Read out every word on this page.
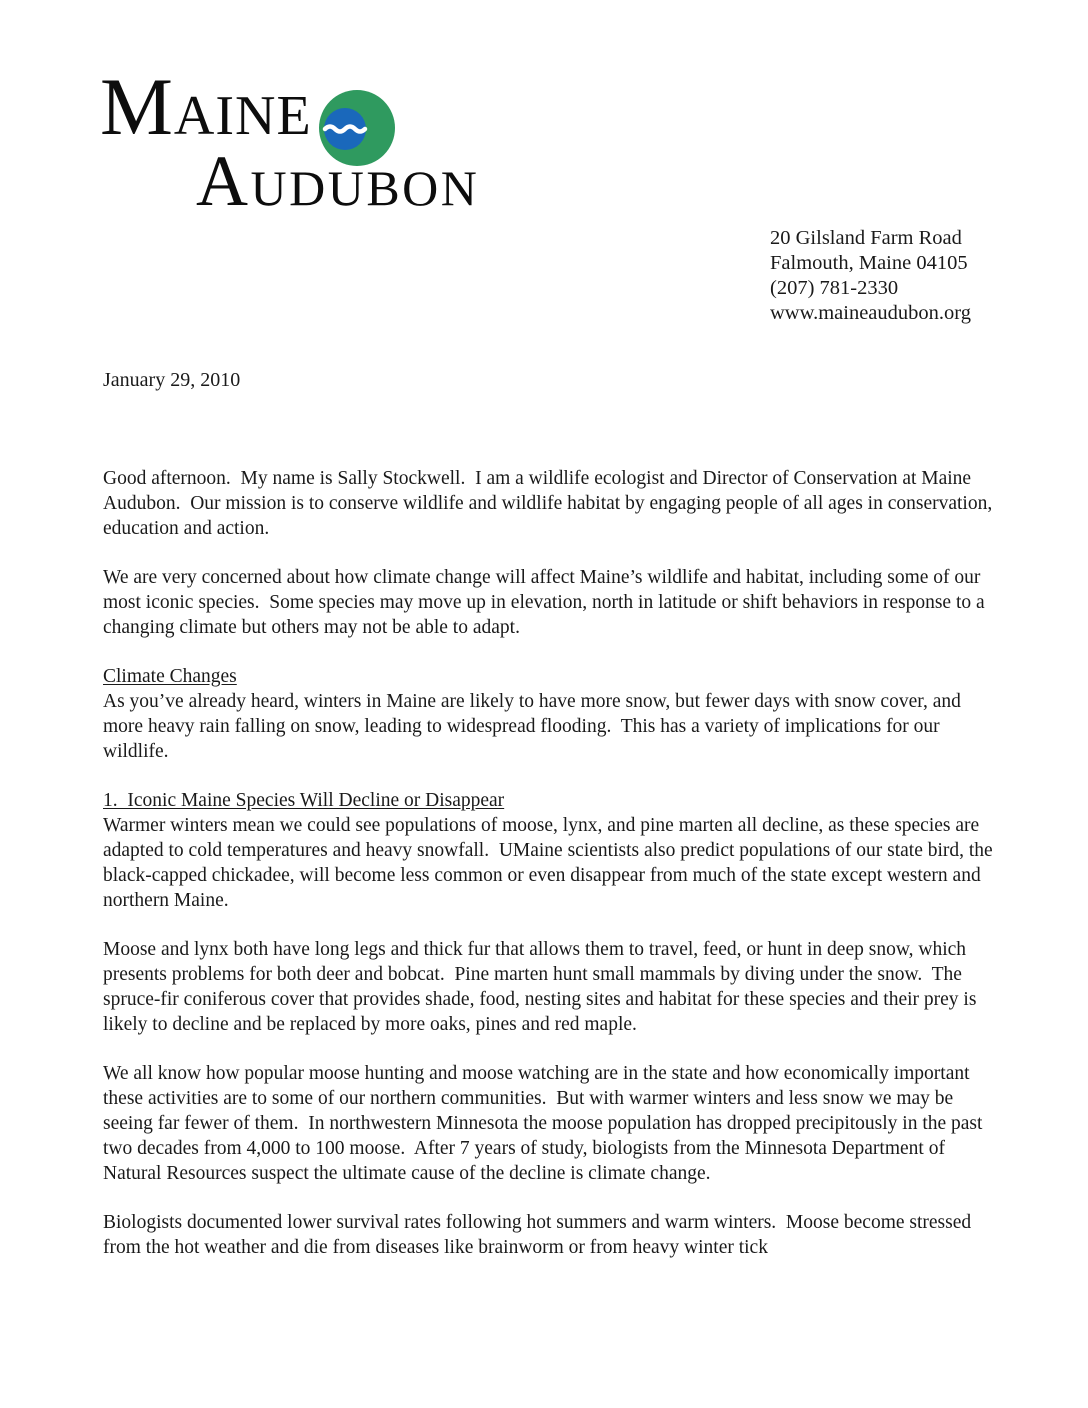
MAINE
AUDUBON
20 Gilsland Farm Road
Falmouth, Maine 04105
(207) 781-2330
www.maineaudubon.org
January 29, 2010

Good afternoon.  My name is Sally Stockwell.  I am a wildlife ecologist and Director of Conservation at Maine Audubon.  Our mission is to conserve wildlife and wildlife habitat by engaging people of all ages in conservation, education and action.

We are very concerned about how climate change will affect Maine’s wildlife and habitat, including some of our most iconic species.  Some species may move up in elevation, north in latitude or shift behaviors in response to a changing climate but others may not be able to adapt.

Climate Changes

As you’ve already heard, winters in Maine are likely to have more snow, but fewer days with snow cover, and more heavy rain falling on snow, leading to widespread flooding.  This has a variety of implications for our wildlife.

1.  Iconic Maine Species Will Decline or Disappear

Warmer winters mean we could see populations of moose, lynx, and pine marten all decline, as these species are adapted to cold temperatures and heavy snowfall.  UMaine scientists also predict populations of our state bird, the black-capped chickadee, will become less common or even disappear from much of the state except western and northern Maine.

Moose and lynx both have long legs and thick fur that allows them to travel, feed, or hunt in deep snow, which presents problems for both deer and bobcat.  Pine marten hunt small mammals by diving under the snow.  The spruce-fir coniferous cover that provides shade, food, nesting sites and habitat for these species and their prey is likely to decline and be replaced by more oaks, pines and red maple.

We all know how popular moose hunting and moose watching are in the state and how economically important these activities are to some of our northern communities.  But with warmer winters and less snow we may be seeing far fewer of them.  In northwestern Minnesota the moose population has dropped precipitously in the past two decades from 4,000 to 100 moose.  After 7 years of study, biologists from the Minnesota Department of Natural Resources suspect the ultimate cause of the decline is climate change.

Biologists documented lower survival rates following hot summers and warm winters.  Moose become stressed from the hot weather and die from diseases like brainworm or from heavy winter tick
